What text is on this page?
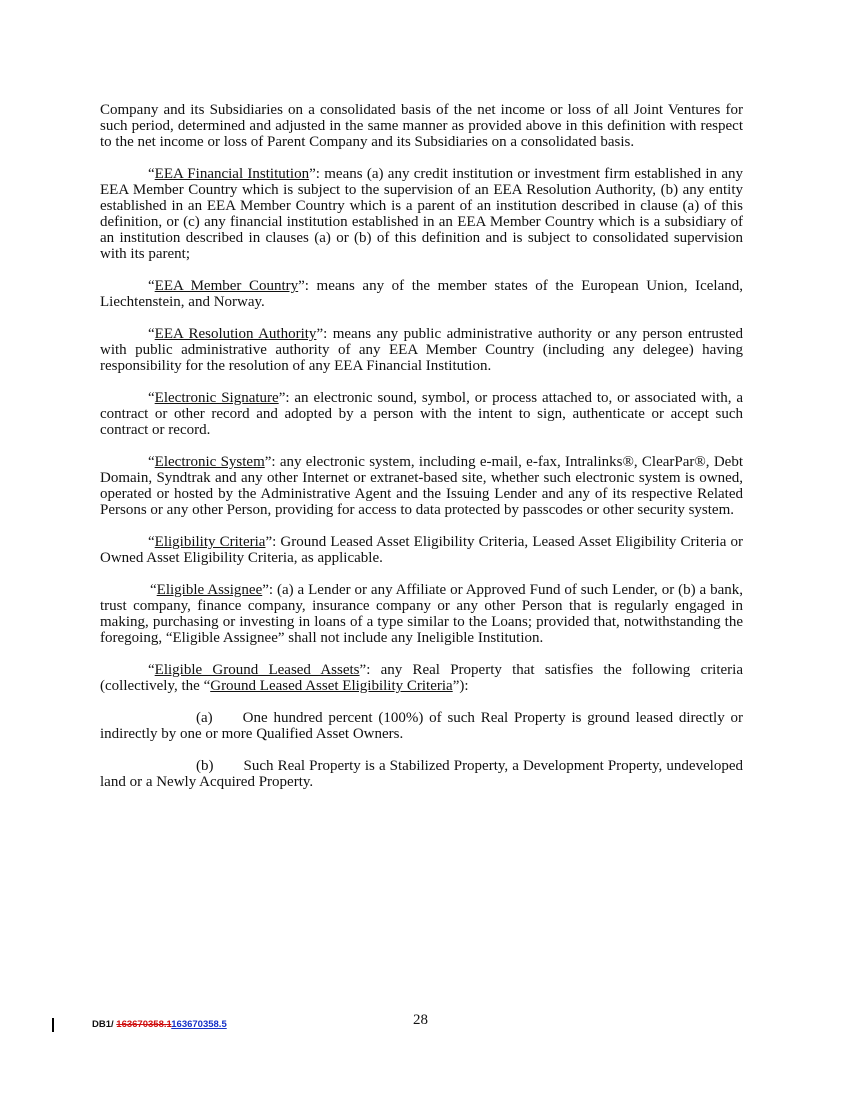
Company and its Subsidiaries on a consolidated basis of the net income or loss of all Joint Ventures for such period, determined and adjusted in the same manner as provided above in this definition with respect to the net income or loss of Parent Company and its Subsidiaries on a consolidated basis.

“EEA Financial Institution”: means (a) any credit institution or investment firm established in any EEA Member Country which is subject to the supervision of an EEA Resolution Authority, (b) any entity established in an EEA Member Country which is a parent of an institution described in clause (a) of this definition, or (c) any financial institution established in an EEA Member Country which is a subsidiary of an institution described in clauses (a) or (b) of this definition and is subject to consolidated supervision with its parent;

“EEA Member Country”: means any of the member states of the European Union, Iceland, Liechtenstein, and Norway.

“EEA Resolution Authority”: means any public administrative authority or any person entrusted with public administrative authority of any EEA Member Country (including any delegee) having responsibility for the resolution of any EEA Financial Institution.

“Electronic Signature”: an electronic sound, symbol, or process attached to, or associated with, a contract or other record and adopted by a person with the intent to sign, authenticate or accept such contract or record.

“Electronic System”: any electronic system, including e-mail, e-fax, Intralinks®, ClearPar®, Debt Domain, Syndtrak and any other Internet or extranet-based site, whether such electronic system is owned, operated or hosted by the Administrative Agent and the Issuing Lender and any of its respective Related Persons or any other Person, providing for access to data protected by passcodes or other security system.

“Eligibility Criteria”: Ground Leased Asset Eligibility Criteria, Leased Asset Eligibility Criteria or Owned Asset Eligibility Criteria, as applicable.

“Eligible Assignee”: (a) a Lender or any Affiliate or Approved Fund of such Lender, or (b) a bank, trust company, finance company, insurance company or any other Person that is regularly engaged in making, purchasing or investing in loans of a type similar to the Loans; provided that, notwithstanding the foregoing, “Eligible Assignee” shall not include any Ineligible Institution.

“Eligible Ground Leased Assets”: any Real Property that satisfies the following criteria (collectively, the “Ground Leased Asset Eligibility Criteria”):

(a)   One hundred percent (100%) of such Real Property is ground leased directly or indirectly by one or more Qualified Asset Owners.

(b)   Such Real Property is a Stabilized Property, a Development Property, undeveloped land or a Newly Acquired Property.

DB1/ 163670358.1163670358.5	28
